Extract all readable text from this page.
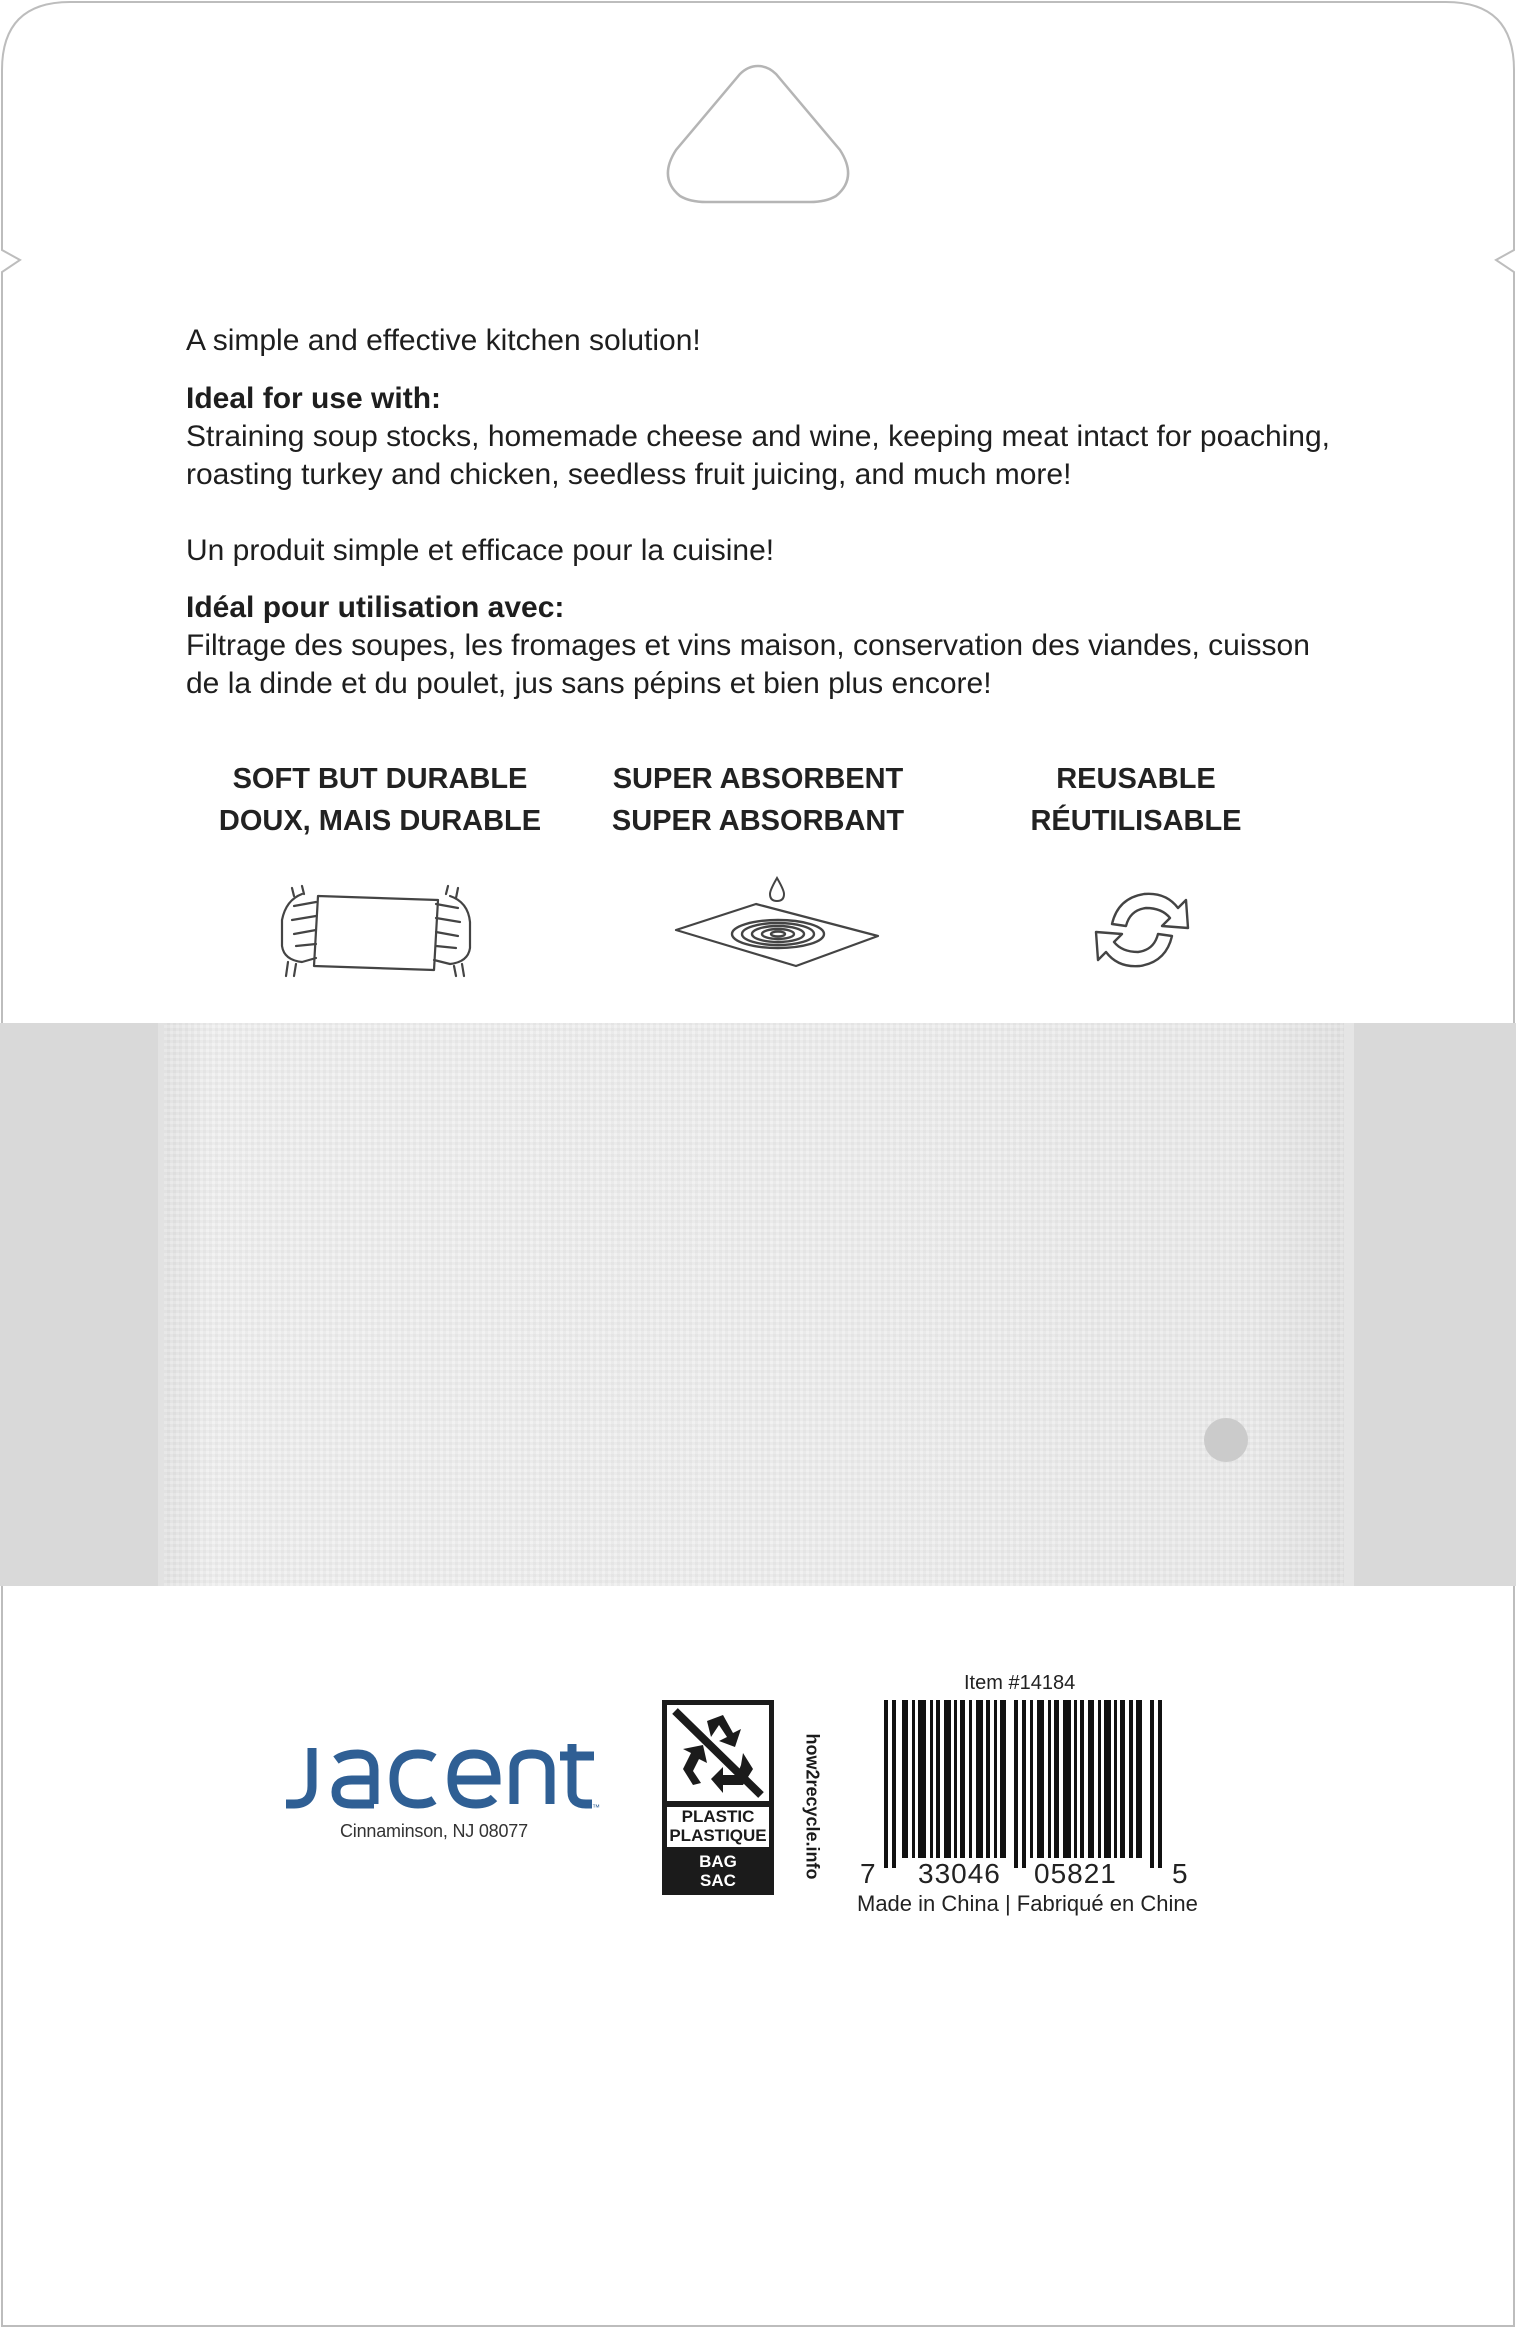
A simple and effective kitchen solution!

Ideal for use with:

Straining soup stocks, homemade cheese and wine, keeping meat intact for poaching,

roasting turkey and chicken, seedless fruit juicing, and much more!

Un produit simple et efficace pour la cuisine!

Idéal pour utilisation avec:

Filtrage des soupes, les fromages et vins maison, conservation des viandes, cuisson

de la dinde et du poulet, jus sans pépins et bien plus encore!

SOFT BUT DURABLE
DOUX, MAIS DURABLE
SUPER ABSORBENT
SUPER ABSORBANT
REUSABLE
RÉUTILISABLE
™
Cinnaminson, NJ 08077
PLASTIC
PLASTIQUE
BAG
SAC
how2recycle.info
Item #14184
7 33046 05821 5
Made in China | Fabriqué en Chine
